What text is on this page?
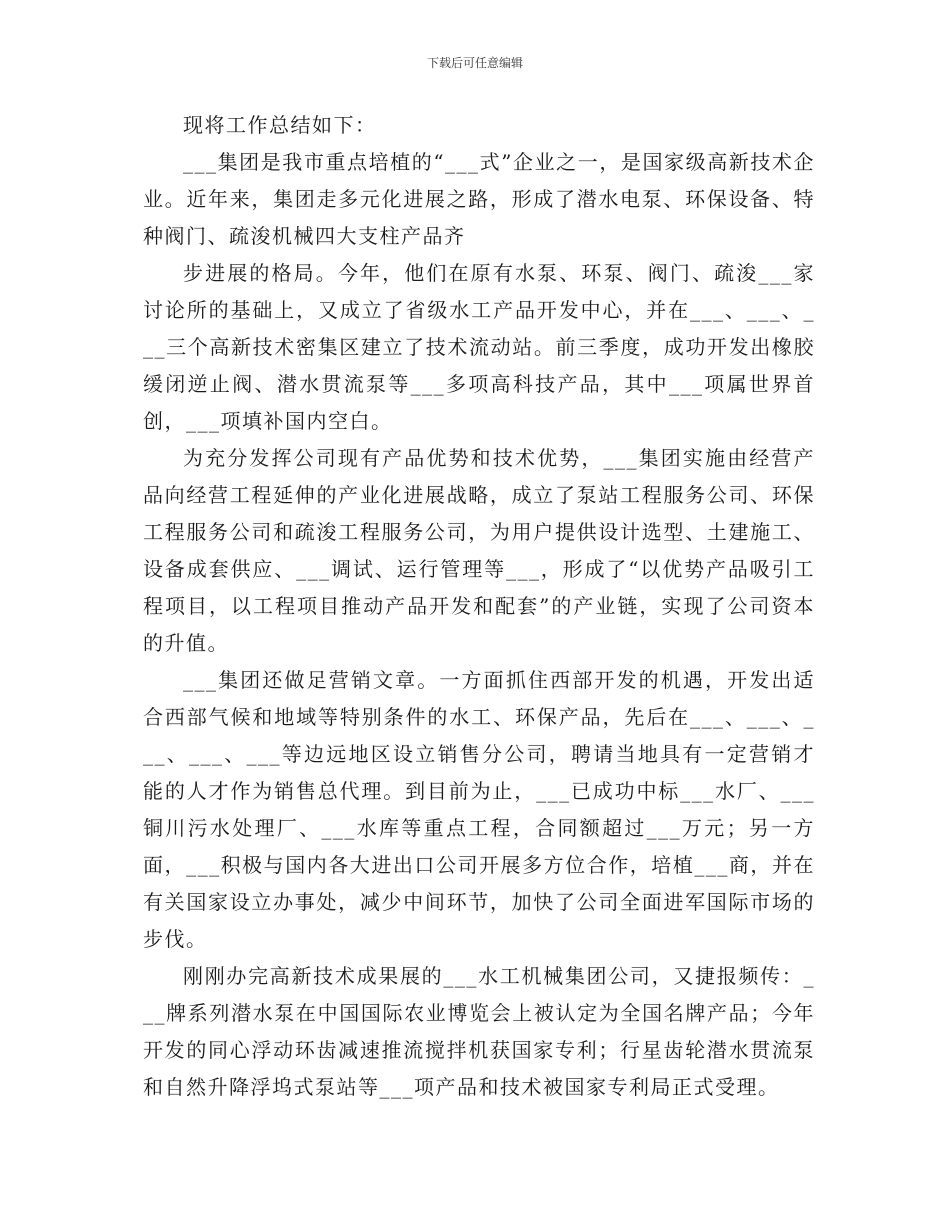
下载后可任意编辑

现将工作总结如下：

___集团是我市重点培植的“___式”企业之一，是国家级高新技术企业。近年来，集团走多元化进展之路，形成了潜水电泵、环保设备、特种阀门、疏浚机械四大支柱产品齐

步进展的格局。今年，他们在原有水泵、环泵、阀门、疏浚___家讨论所的基础上，又成立了省级水工产品开发中心，并在___、___、___三个高新技术密集区建立了技术流动站。前三季度，成功开发出橡胶缓闭逆止阀、潜水贯流泵等___多项高科技产品，其中___项属世界首创，___项填补国内空白。

为充分发挥公司现有产品优势和技术优势，___集团实施由经营产品向经营工程延伸的产业化进展战略，成立了泵站工程服务公司、环保工程服务公司和疏浚工程服务公司，为用户提供设计选型、土建施工、设备成套供应、___调试、运行管理等___，形成了“以优势产品吸引工程项目，以工程项目推动产品开发和配套”的产业链，实现了公司资本的升值。

___集团还做足营销文章。一方面抓住西部开发的机遇，开发出适合西部气候和地域等特别条件的水工、环保产品，先后在___、___、___、___、___等边远地区设立销售分公司，聘请当地具有一定营销才能的人才作为销售总代理。到目前为止，___已成功中标___水厂、___铜川污水处理厂、___水库等重点工程，合同额超过___万元；另一方面，___积极与国内各大进出口公司开展多方位合作，培植___商，并在有关国家设立办事处，减少中间环节，加快了公司全面进军国际市场的步伐。

刚刚办完高新技术成果展的___水工机械集团公司，又捷报频传：___牌系列潜水泵在中国国际农业博览会上被认定为全国名牌产品；今年开发的同心浮动环齿减速推流搅拌机获国家专利；行星齿轮潜水贯流泵和自然升降浮坞式泵站等___项产品和技术被国家专利局正式受理。
